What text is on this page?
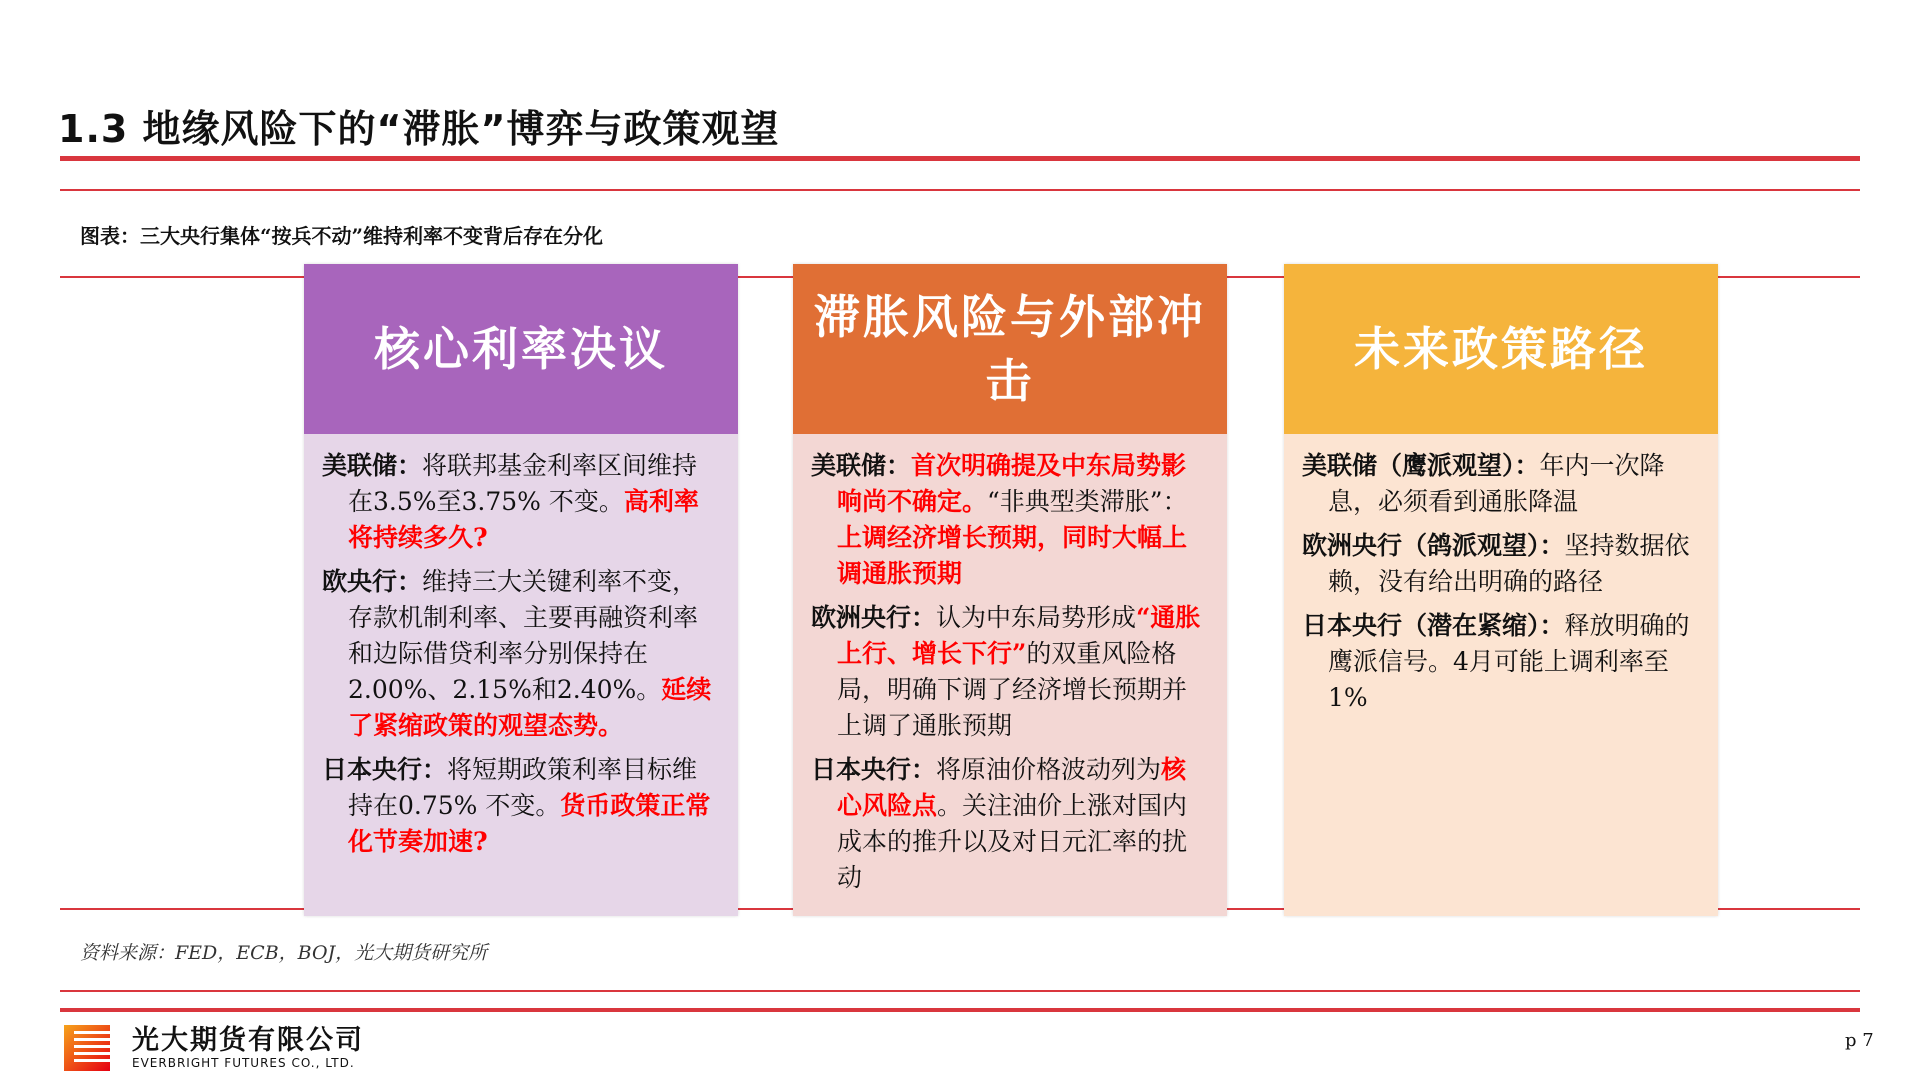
1.3 地缘风险下的“滞胀”博弈与政策观望
图表：三大央行集体“按兵不动”维持利率不变背后存在分化
核心利率决议
美联储：将联邦基金利率区间维持在3.5%至3.75% 不变。高利率将持续多久?
欧央行：维持三大关键利率不变，存款机制利率、主要再融资利率和边际借贷利率分别保持在2.00%、2.15%和2.40%。延续了紧缩政策的观望态势。
日本央行：将短期政策利率目标维持在0.75% 不变。货币政策正常化节奏加速?
滞胀风险与外部冲击
美联储：首次明确提及中东局势影响尚不确定。“非典型类滞胀”：上调经济增长预期，同时大幅上调通胀预期
欧洲央行：认为中东局势形成“通胀上行、增长下行”的双重风险格局，明确下调了经济增长预期并上调了通胀预期
日本央行：将原油价格波动列为核心风险点。关注油价上涨对国内成本的推升以及对日元汇率的扰动
未来政策路径
美联储（鹰派观望）：年内一次降息，必须看到通胀降温
欧洲央行（鸽派观望）：坚持数据依赖，没有给出明确的路径
日本央行（潜在紧缩）：释放明确的鹰派信号。4月可能上调利率至1%
资料来源：FED，ECB，BOJ，光大期货研究所
光大期货有限公司
EVERBRIGHT FUTURES CO., LTD.
p 7
